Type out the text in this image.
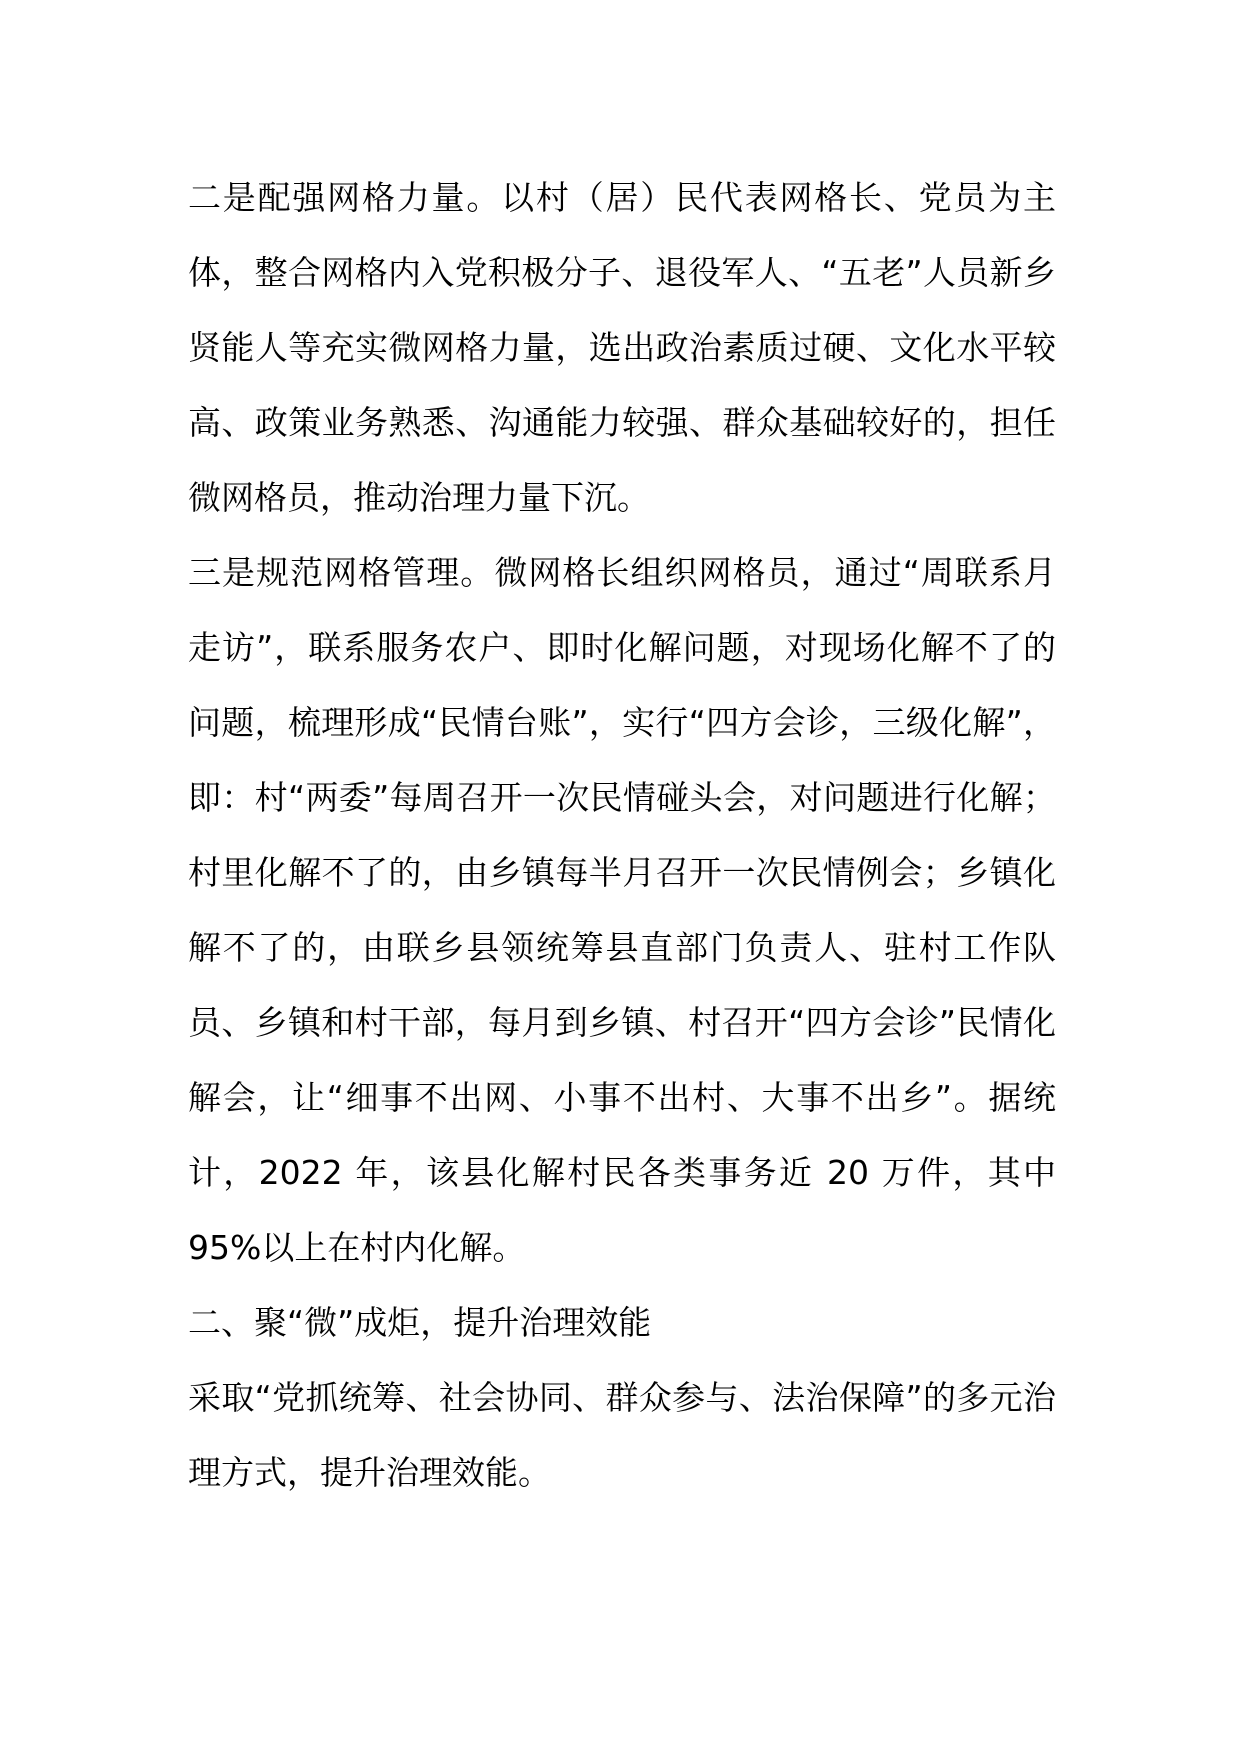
二是配强网格力量。以村（居）民代表网格长、党员为主体，整合网格内入党积极分子、退役军人、“五老”人员新乡贤能人等充实微网格力量，选出政治素质过硬、文化水平较高、政策业务熟悉、沟通能力较强、群众基础较好的，担任微网格员，推动治理力量下沉。

三是规范网格管理。微网格长组织网格员，通过“周联系月走访”，联系服务农户、即时化解问题，对现场化解不了的问题，梳理形成“民情台账”，实行“四方会诊，三级化解”，即：村“两委”每周召开一次民情碰头会，对问题进行化解；村里化解不了的，由乡镇每半月召开一次民情例会；乡镇化解不了的，由联乡县领统筹县直部门负责人、驻村工作队员、乡镇和村干部，每月到乡镇、村召开“四方会诊”民情化解会，让“细事不出网、小事不出村、大事不出乡”。据统计，2022 年，该县化解村民各类事务近 20 万件，其中 95%以上在村内化解。

二、聚“微”成炬，提升治理效能

采取“党抓统筹、社会协同、群众参与、法治保障”的多元治理方式，提升治理效能。
